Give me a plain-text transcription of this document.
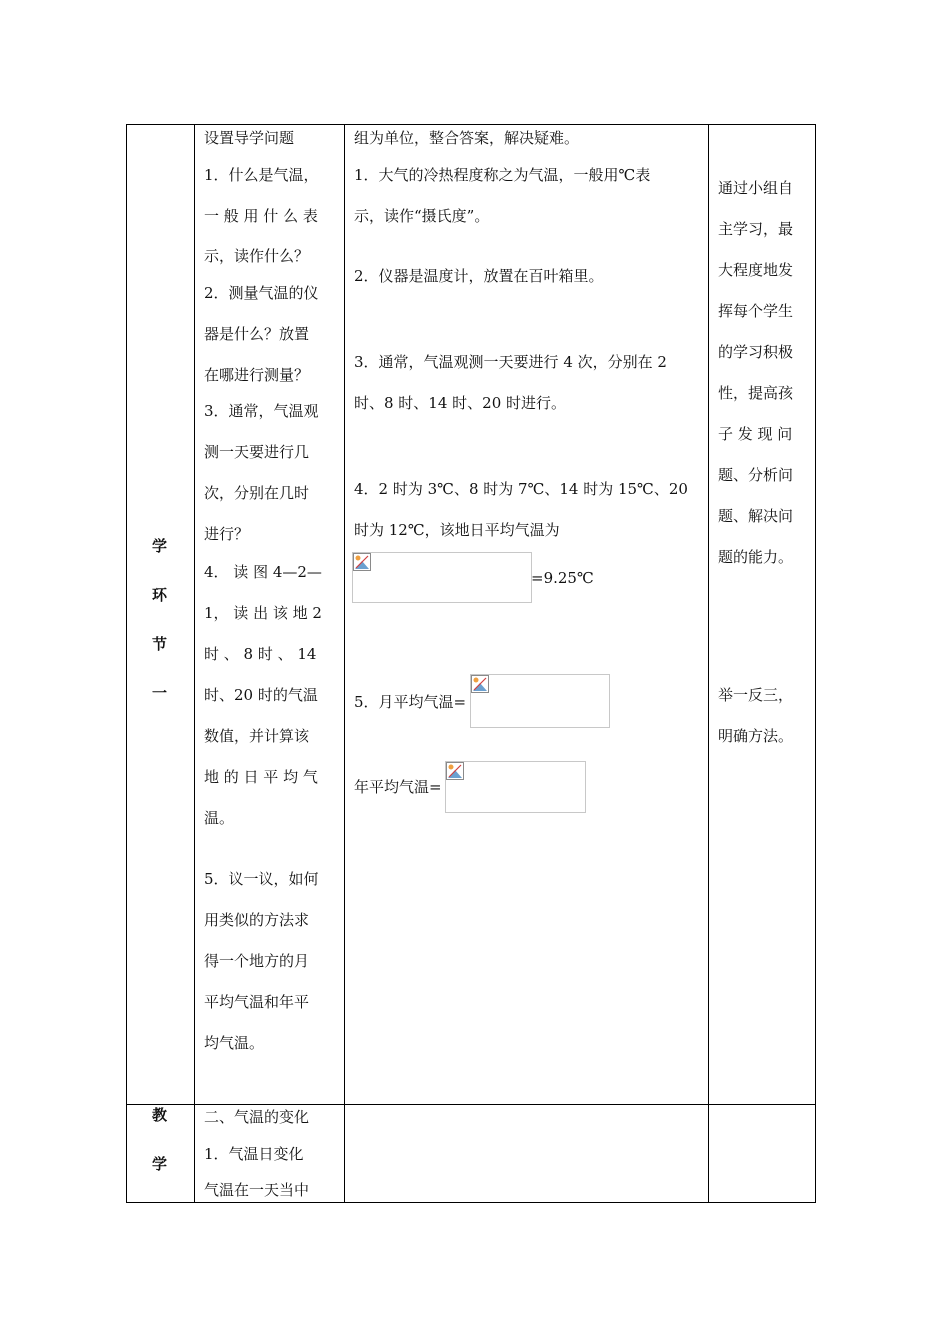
学
环
节
一
教
学
设置导学问题
1．什么是气温，
一 般 用 什 么 表
示，读作什么？
2．测量气温的仪
器是什么？放置
在哪进行测量？
3．通常，气温观
测一天要进行几
次，分别在几时
进行？
4． 读 图 4—2—
1， 读 出 该 地 2
时 、 8 时 、 14
时、20 时的气温
数值，并计算该
地 的 日 平 均 气
温。
5．议一议，如何
用类似的方法求
得一个地方的月
平均气温和年平
均气温。
二、气温的变化
1．气温日变化
气温在一天当中
组为单位，整合答案，解决疑难。
1．大气的冷热程度称之为气温，一般用℃表
示，读作“摄氏度”。
2．仪器是温度计，放置在百叶箱里。
3．通常，气温观测一天要进行 4 次，分别在 2
时、8 时、14 时、20 时进行。
4．2 时为 3℃、8 时为 7℃、14 时为 15℃、20
时为 12℃，该地日平均气温为
=9.25℃
5．月平均气温=
年平均气温=
通过小组自
主学习，最
大程度地发
挥每个学生
的学习积极
性，提高孩
子 发 现 问
题、分析问
题、解决问
题的能力。
举一反三，
明确方法。
